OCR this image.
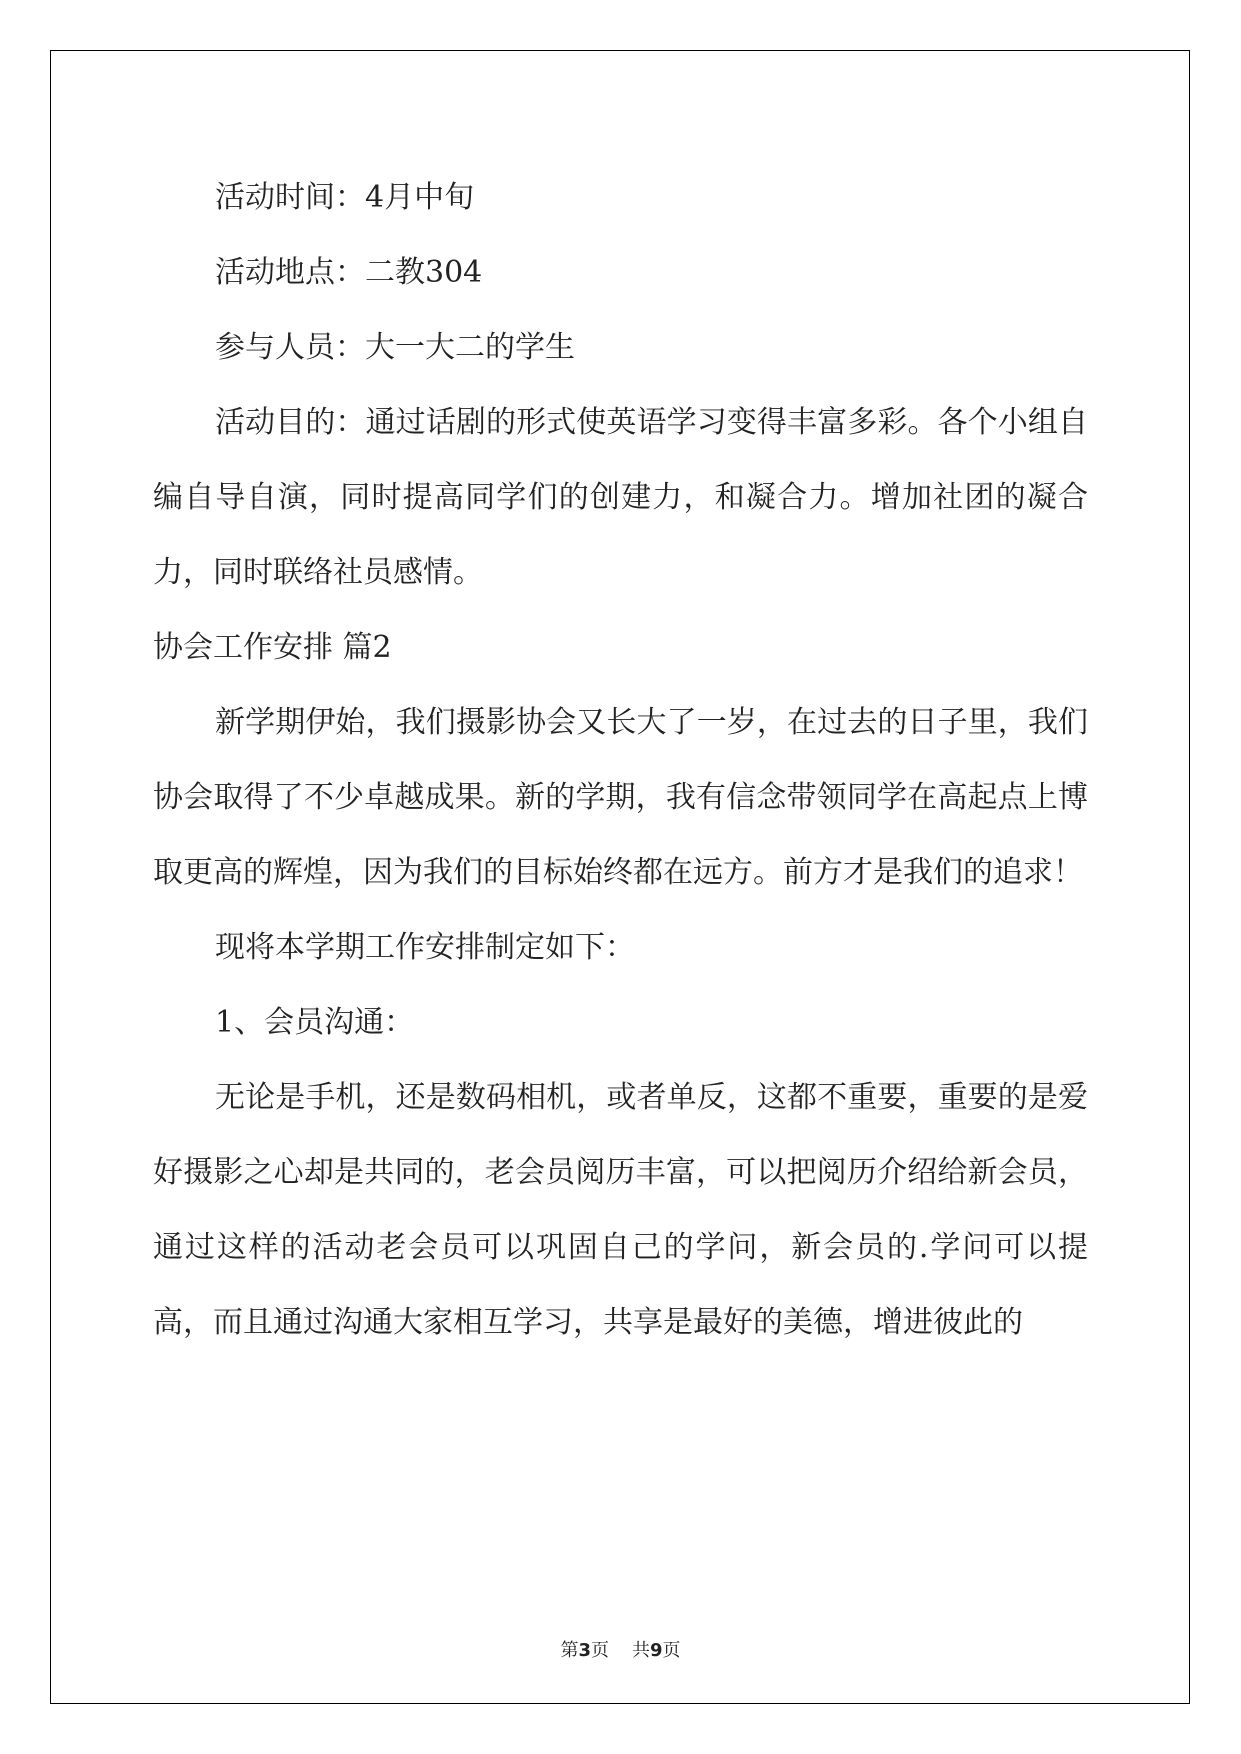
活动时间：4月中旬

活动地点：二教304

参与人员：大一大二的学生

活动目的：通过话剧的形式使英语学习变得丰富多彩。各个小组自编自导自演，同时提高同学们的创建力，和凝合力。增加社团的凝合力，同时联络社员感情。

协会工作安排 篇2

新学期伊始，我们摄影协会又长大了一岁，在过去的日子里，我们协会取得了不少卓越成果。新的学期，我有信念带领同学在高起点上博取更高的辉煌，因为我们的目标始终都在远方。前方才是我们的追求！

现将本学期工作安排制定如下：

1、会员沟通：

无论是手机，还是数码相机，或者单反，这都不重要，重要的是爱好摄影之心却是共同的，老会员阅历丰富，可以把阅历介绍给新会员，通过这样的活动老会员可以巩固自己的学问，新会员的.学问可以提高，而且通过沟通大家相互学习，共享是最好的美德，增进彼此的

第3页 共9页
